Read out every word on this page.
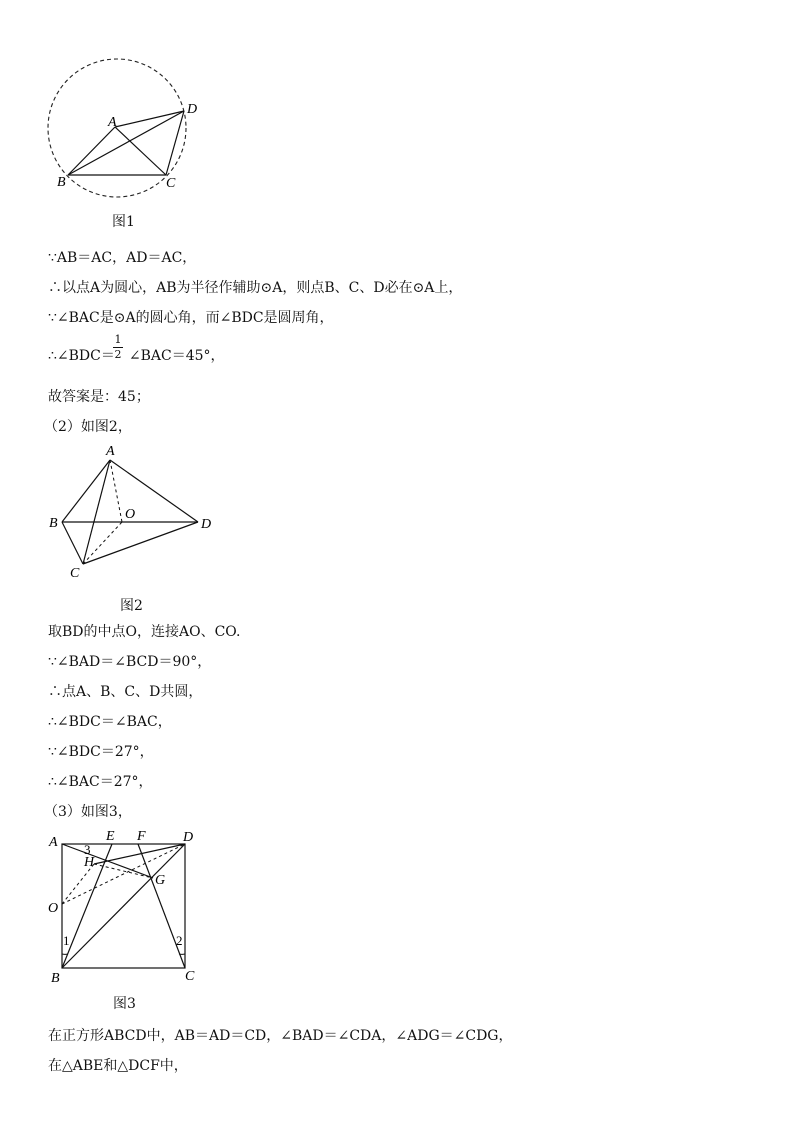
A
B	C
D
图1
∵AB＝AC，AD＝AC，
∴以点A为圆心，AB为半径作辅助⊙A，则点B、C、D必在⊙A上，
∵∠BAC是⊙A的圆心角，而∠BDC是圆周角，
∴∠BDC＝ ∠BAC＝45°，
1
2
故答案是：45；
（2）如图2，
A
B
C
D
O
图2
取BD的中点O，连接AO、CO.
∵∠BAD＝∠BCD＝90°，
∴点A、B、C、D共圆，
∴∠BDC＝∠BAC，
∵∠BDC＝27°，
∴∠BAC＝27°，
（3）如图3，
A	E F	D
H
G
O
B	C
1	2
3
图3
在正方形ABCD中，AB＝AD＝CD，∠BAD＝∠CDA，∠ADG＝∠CDG，
在△ABE和△DCF中，
